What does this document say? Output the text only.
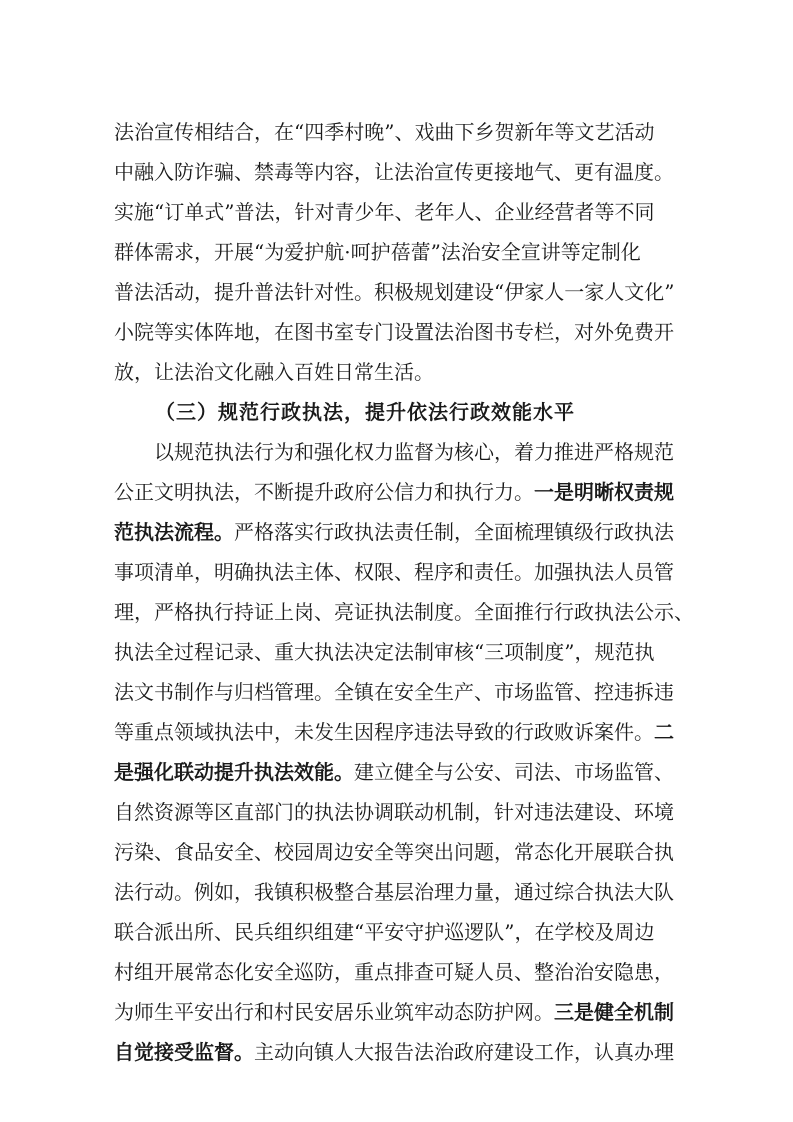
法治宣传相结合，在“四季村晚”、戏曲下乡贺新年等文艺活动
中融入防诈骗、禁毒等内容，让法治宣传更接地气、更有温度。
实施“订单式”普法，针对青少年、老年人、企业经营者等不同
群体需求，开展“为爱护航·呵护蓓蕾”法治安全宣讲等定制化
普法活动，提升普法针对性。积极规划建设“伊家人一家人文化”
小院等实体阵地，在图书室专门设置法治图书专栏，对外免费开
放，让法治文化融入百姓日常生活。
（三）规范行政执法，提升依法行政效能水平
以规范执法行为和强化权力监督为核心，着力推进严格规范
公正文明执法，不断提升政府公信力和执行力。一是明晰权责规
范执法流程。严格落实行政执法责任制，全面梳理镇级行政执法
事项清单，明确执法主体、权限、程序和责任。加强执法人员管
理，严格执行持证上岗、亮证执法制度。全面推行行政执法公示、
执法全过程记录、重大执法决定法制审核“三项制度”，规范执
法文书制作与归档管理。全镇在安全生产、市场监管、控违拆违
等重点领域执法中，未发生因程序违法导致的行政败诉案件。二
是强化联动提升执法效能。建立健全与公安、司法、市场监管、
自然资源等区直部门的执法协调联动机制，针对违法建设、环境
污染、食品安全、校园周边安全等突出问题，常态化开展联合执
法行动。例如，我镇积极整合基层治理力量，通过综合执法大队
联合派出所、民兵组织组建“平安守护巡逻队”，在学校及周边
村组开展常态化安全巡防，重点排查可疑人员、整治治安隐患，
为师生平安出行和村民安居乐业筑牢动态防护网。三是健全机制
自觉接受监督。主动向镇人大报告法治政府建设工作，认真办理
